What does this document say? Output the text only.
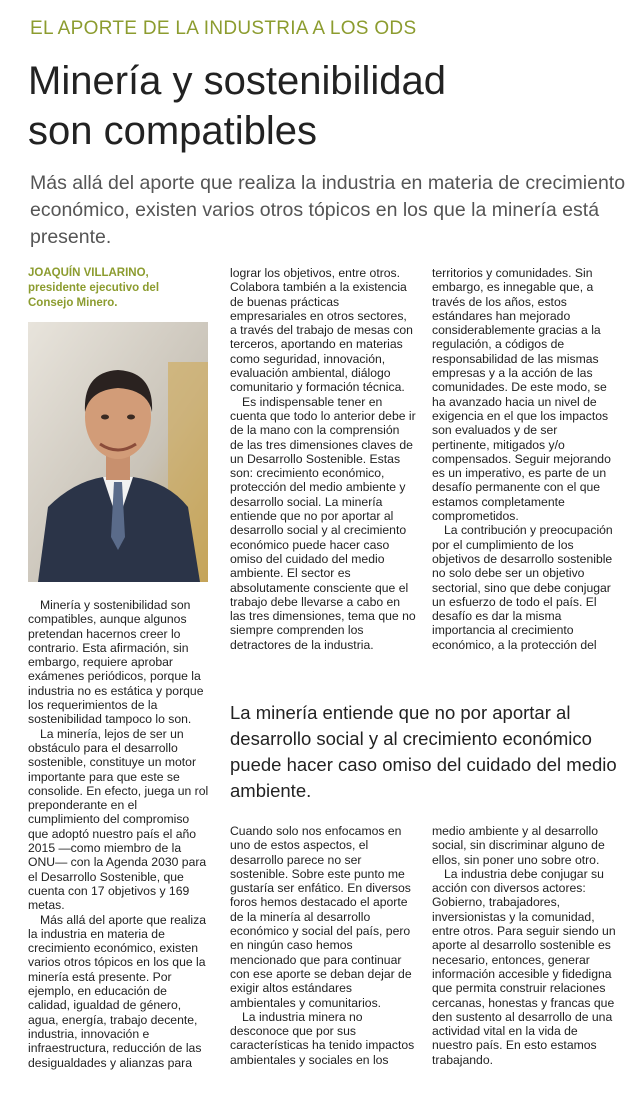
EL APORTE DE LA INDUSTRIA A LOS ODS
Minería y sostenibilidad
son compatibles
Más allá del aporte que realiza la industria en materia de crecimiento económico, existen varios otros tópicos en los que la minería está presente.
JOAQUÍN VILLARINO,
presidente ejecutivo del
Consejo Minero.

Minería y sostenibilidad son compatibles, aunque algunos pretendan hacernos creer lo contrario. Esta afirmación, sin embargo, requiere aprobar exámenes periódicos, porque la industria no es estática y porque los requerimientos de la sostenibilidad tampoco lo son.

La minería, lejos de ser un obstáculo para el desarrollo sostenible, constituye un motor importante para que este se consolide. En efecto, juega un rol preponderante en el cumplimiento del compromiso que adoptó nuestro país el año 2015 —como miembro de la ONU— con la Agenda 2030 para el Desarrollo Sostenible, que cuenta con 17 objetivos y 169 metas.

Más allá del aporte que realiza la industria en materia de crecimiento económico, existen varios otros tópicos en los que la minería está presente. Por ejemplo, en educación de calidad, igualdad de género, agua, energía, trabajo decente, industria, innovación e infraestructura, reducción de las desigualdades y alianzas para

lograr los objetivos, entre otros. Colabora también a la existencia de buenas prácticas empresariales en otros sectores, a través del trabajo de mesas con terceros, aportando en materias como seguridad, innovación, evaluación ambiental, diálogo comunitario y formación técnica.

Es indispensable tener en cuenta que todo lo anterior debe ir de la mano con la comprensión de las tres dimensiones claves de un Desarrollo Sostenible. Estas son: crecimiento económico, protección del medio ambiente y desarrollo social. La minería entiende que no por aportar al desarrollo social y al crecimiento económico puede hacer caso omiso del cuidado del medio ambiente. El sector es absolutamente consciente que el trabajo debe llevarse a cabo en las tres dimensiones, tema que no siempre comprenden los detractores de la industria.

territorios y comunidades. Sin embargo, es innegable que, a través de los años, estos estándares han mejorado considerablemente gracias a la regulación, a códigos de responsabilidad de las mismas empresas y a la acción de las comunidades. De este modo, se ha avanzado hacia un nivel de exigencia en el que los impactos son evaluados y de ser pertinente, mitigados y/o compensados. Seguir mejorando es un imperativo, es parte de un desafío permanente con el que estamos completamente comprometidos.

La contribución y preocupación por el cumplimiento de los objetivos de desarrollo sostenible no solo debe ser un objetivo sectorial, sino que debe conjugar un esfuerzo de todo el país. El desafío es dar la misma importancia al crecimiento económico, a la protección del

La minería entiende que no por aportar al desarrollo social y al crecimiento económico puede hacer caso omiso del cuidado del medio ambiente.

Cuando solo nos enfocamos en uno de estos aspectos, el desarrollo parece no ser sostenible. Sobre este punto me gustaría ser enfático. En diversos foros hemos destacado el aporte de la minería al desarrollo económico y social del país, pero en ningún caso hemos mencionado que para continuar con ese aporte se deban dejar de exigir altos estándares ambientales y comunitarios.

La industria minera no desconoce que por sus características ha tenido impactos ambientales y sociales en los

medio ambiente y al desarrollo social, sin discriminar alguno de ellos, sin poner uno sobre otro.

La industria debe conjugar su acción con diversos actores: Gobierno, trabajadores, inversionistas y la comunidad, entre otros. Para seguir siendo un aporte al desarrollo sostenible es necesario, entonces, generar información accesible y fidedigna que permita construir relaciones cercanas, honestas y francas que den sustento al desarrollo de una actividad vital en la vida de nuestro país. En esto estamos trabajando.
